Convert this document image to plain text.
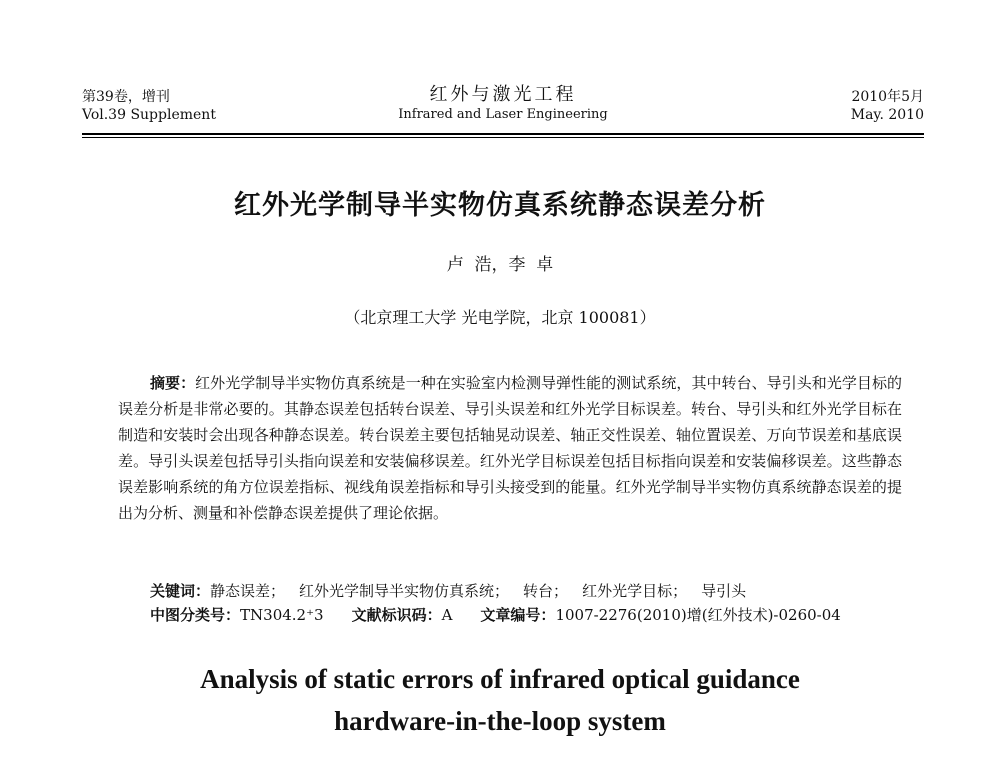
第39卷，增刊
Vol.39 Supplement
红外与激光工程
Infrared and Laser Engineering
2010年5月
May. 2010
红外光学制导半实物仿真系统静态误差分析
卢  浩，李  卓
（北京理工大学 光电学院，北京 100081）

摘要：红外光学制导半实物仿真系统是一种在实验室内检测导弹性能的测试系统，其中转台、导引头和光学目标的误差分析是非常必要的。其静态误差包括转台误差、导引头误差和红外光学目标误差。转台、导引头和红外光学目标在制造和安装时会出现各种静态误差。转台误差主要包括轴晃动误差、轴正交性误差、轴位置误差、万向节误差和基底误差。导引头误差包括导引头指向误差和安装偏移误差。红外光学目标误差包括目标指向误差和安装偏移误差。这些静态误差影响系统的角方位误差指标、视线角误差指标和导引头接受到的能量。红外光学制导半实物仿真系统静态误差的提出为分析、测量和补偿静态误差提供了理论依据。

关键词：静态误差； 红外光学制导半实物仿真系统； 转台； 红外光学目标； 导引头
中图分类号：TN304.2⁺3 文献标识码：A 文章编号：1007-2276(2010)增(红外技术)-0260-04
Analysis of static errors of infrared optical guidance
hardware-in-the-loop system
